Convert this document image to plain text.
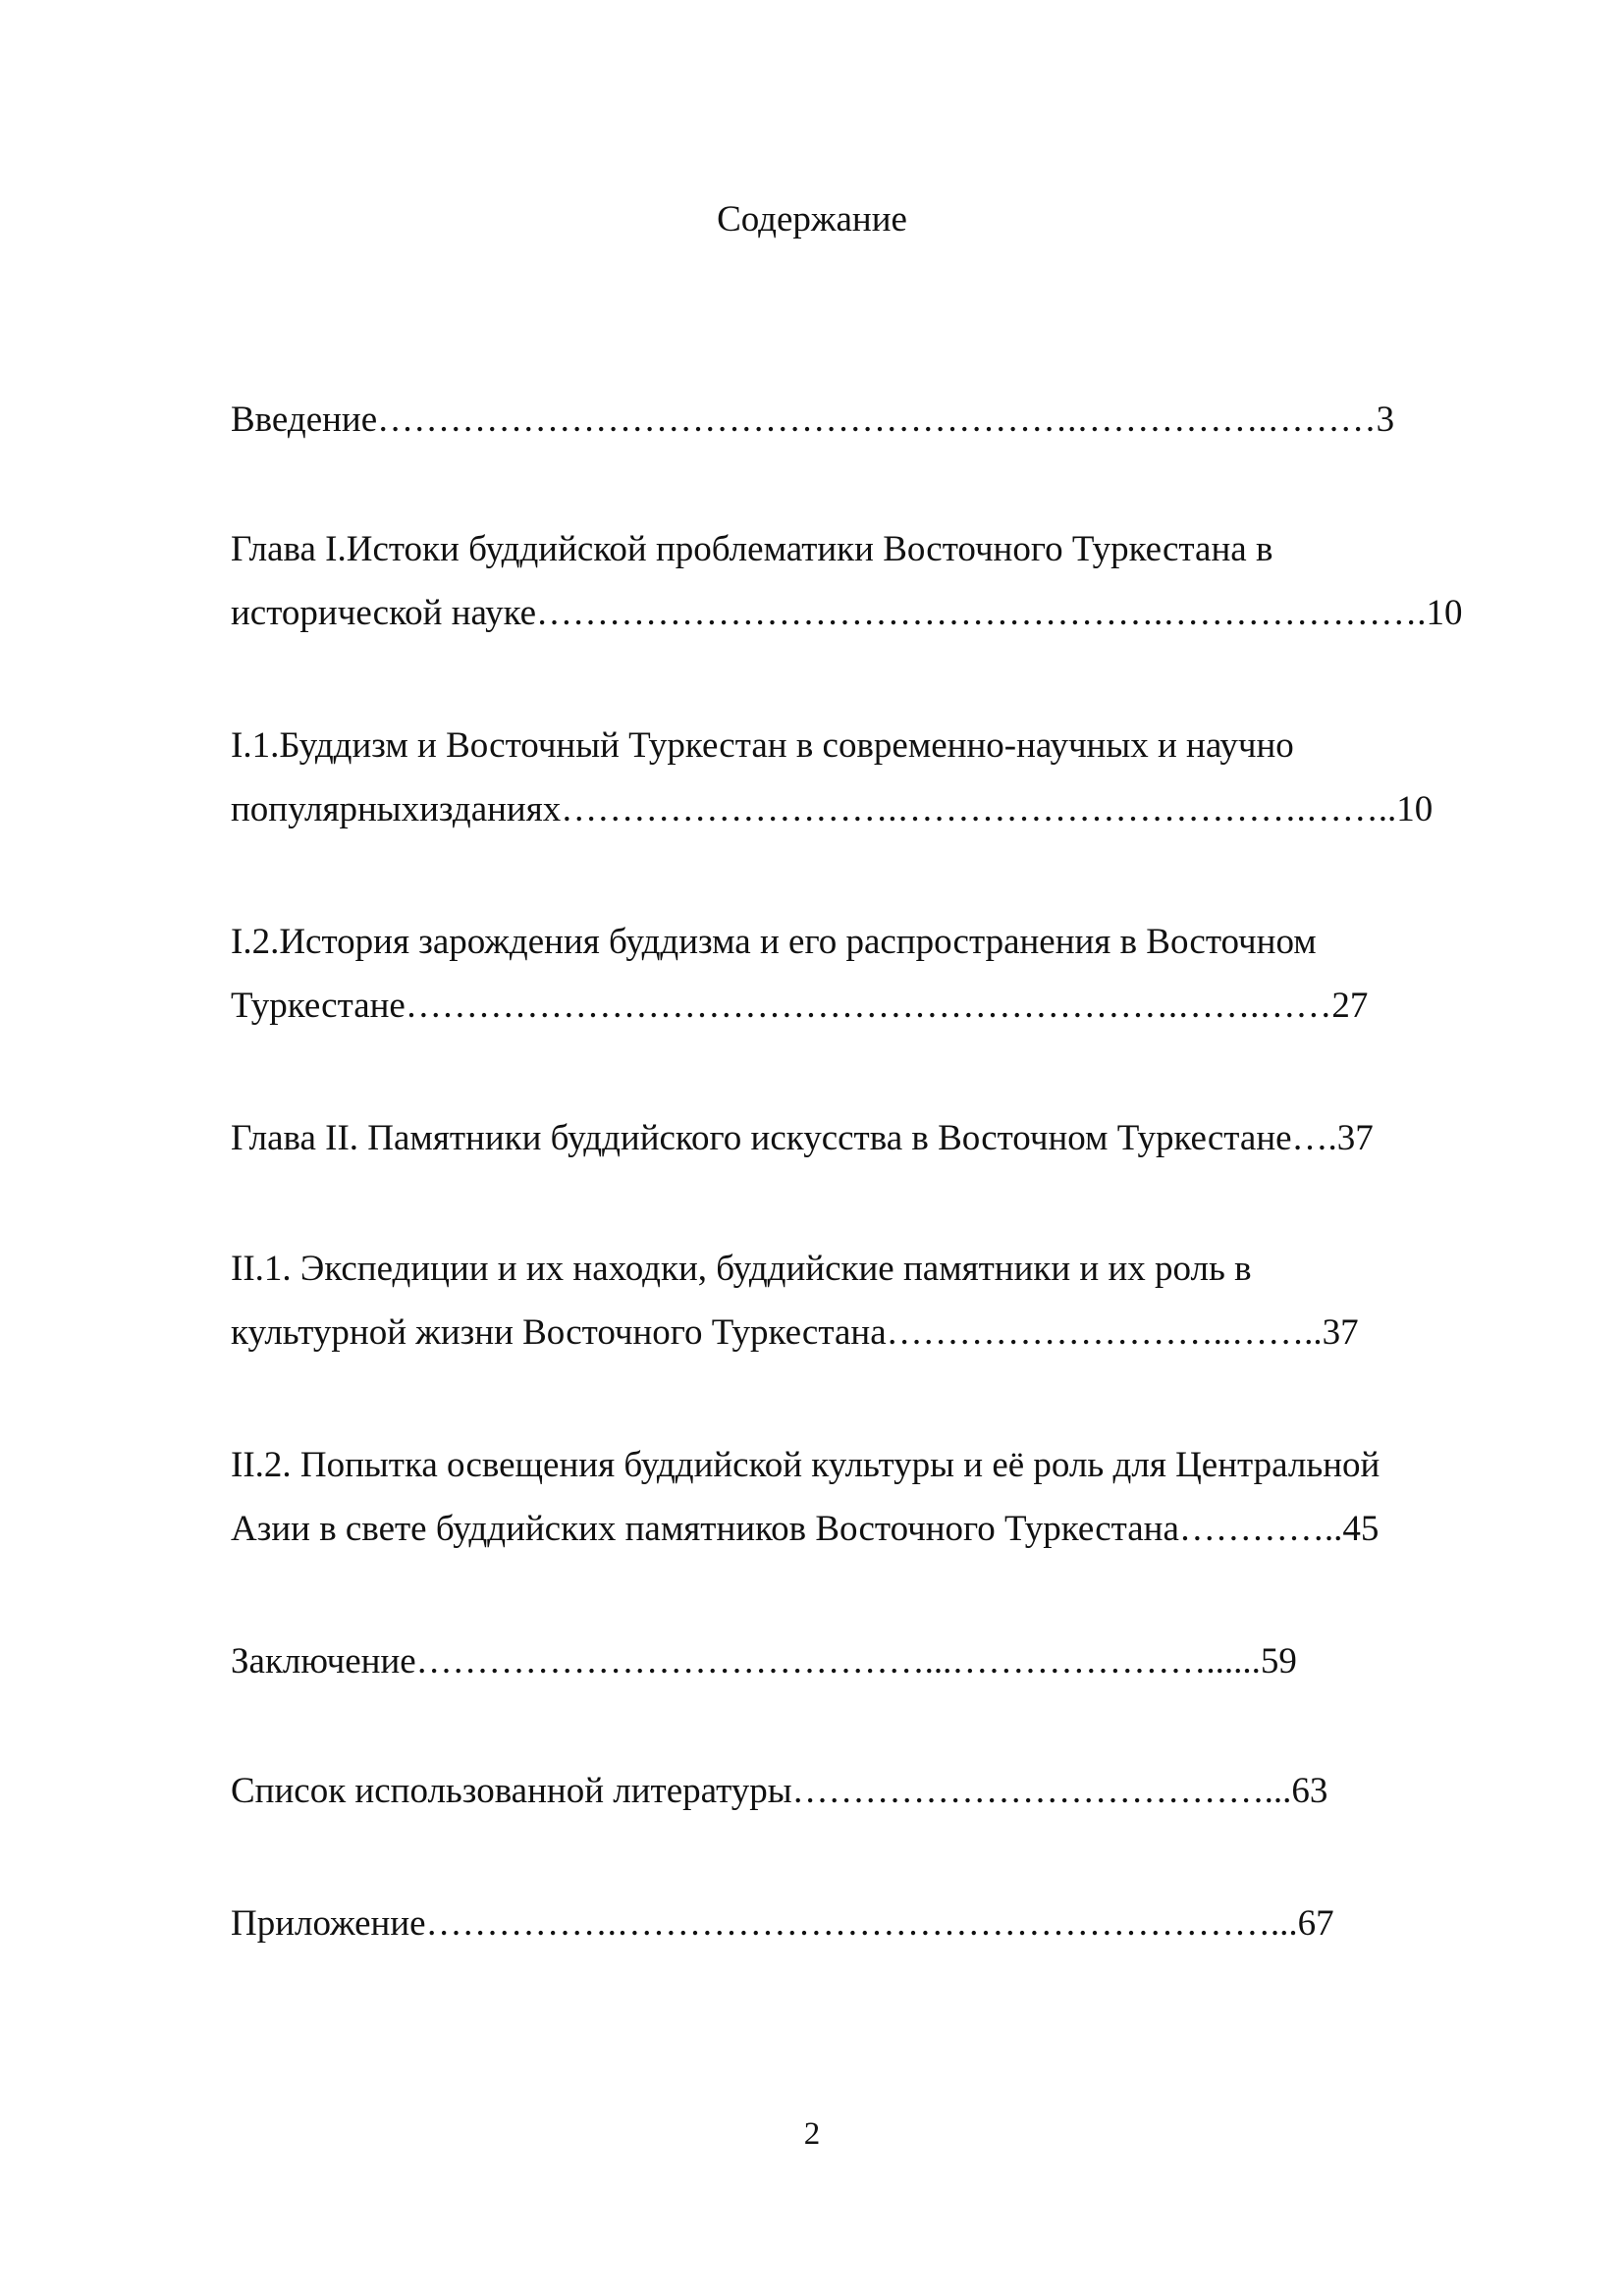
Содержание
Введение………………………………………………….…………….………3
Глава I.Истоки буддийской проблематики Восточного Туркестана в
исторической науке…………………………………………….………………….10
I.1.Буддизм и Восточный Туркестан в современно-научных и научно
популярныхизданиях……………………….…………………………….……..10
I.2.История зарождения буддизма и его распространения в Восточном
Туркестане……………………………………………………….…….……27
Глава II. Памятники буддийского искусства в Восточном Туркестане….37
II.1. Экспедиции и их находки, буддийские памятники и их роль в
культурной жизни Восточного Туркестана………………………..……..37
II.2. Попытка освещения буддийской культуры и её роль для Центральной
Азии в свете буддийских памятников Восточного Туркестана…………..45
Заключение……………………………………...…………………......59
Список использованной литературы…………………………………...63
Приложение…………….………………………………………………...67
2
